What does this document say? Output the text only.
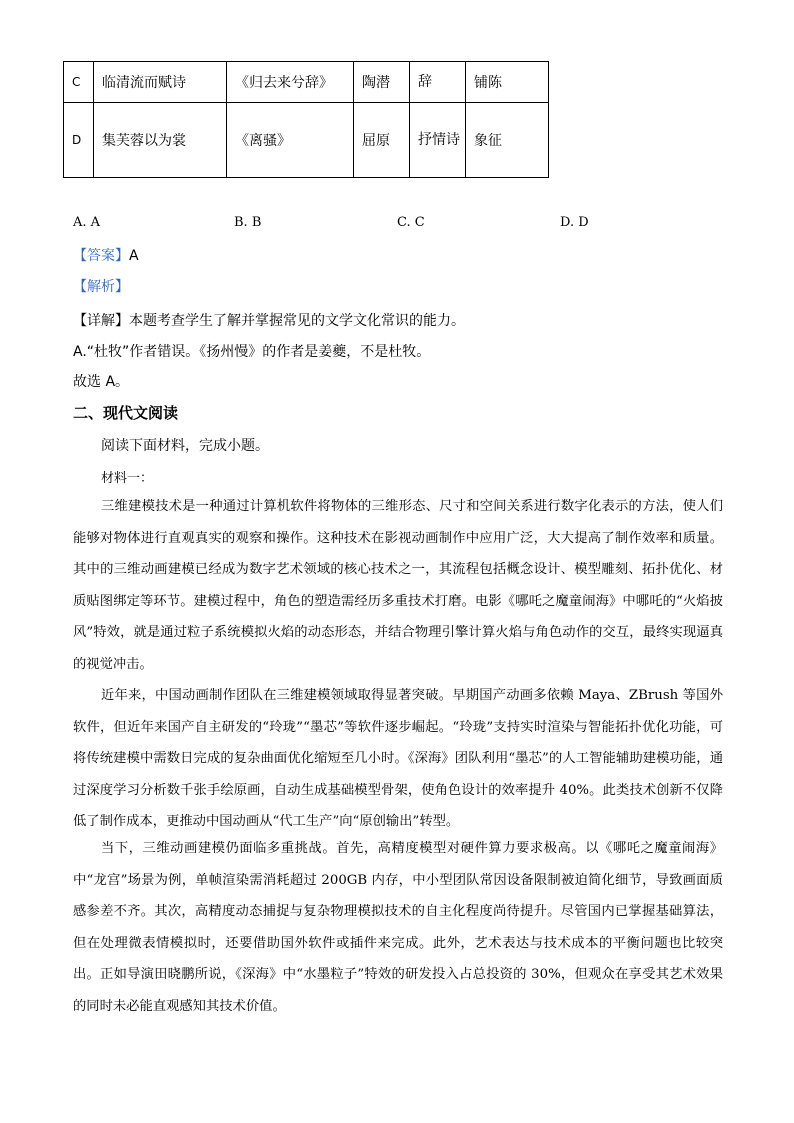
C	临清流而赋诗	《归去来兮辞》	陶潜	辞	铺陈
D	集芙蓉以为裳	《离骚》	屈原	抒情诗	象征
A. A	B. B	C. C	D. D
【答案】A
【解析】
【详解】本题考查学生了解并掌握常见的文学文化常识的能力。
A.“杜牧”作者错误。《扬州慢》的作者是姜夔，不是杜牧。
故选 A。
二、现代文阅读
阅读下面材料，完成小题。
材料一：

三维建模技术是一种通过计算机软件将物体的三维形态、尺寸和空间关系进行数字化表示的方法，使人们能够对物体进行直观真实的观察和操作。这种技术在影视动画制作中应用广泛，大大提高了制作效率和质量。其中的三维动画建模已经成为数字艺术领域的核心技术之一，其流程包括概念设计、模型雕刻、拓扑优化、材质贴图绑定等环节。建模过程中，角色的塑造需经历多重技术打磨。电影《哪吒之魔童闹海》中哪吒的“火焰披风”特效，就是通过粒子系统模拟火焰的动态形态，并结合物理引擎计算火焰与角色动作的交互，最终实现逼真的视觉冲击。

近年来，中国动画制作团队在三维建模领域取得显著突破。早期国产动画多依赖 Maya、ZBrush 等国外软件，但近年来国产自主研发的“玲珑”“墨芯”等软件逐步崛起。“玲珑”支持实时渲染与智能拓扑优化功能，可将传统建模中需数日完成的复杂曲面优化缩短至几小时。《深海》团队利用“墨芯”的人工智能辅助建模功能，通过深度学习分析数千张手绘原画，自动生成基础模型骨架，使角色设计的效率提升 40%。此类技术创新不仅降低了制作成本，更推动中国动画从“代工生产”向“原创输出”转型。

当下，三维动画建模仍面临多重挑战。首先，高精度模型对硬件算力要求极高。以《哪吒之魔童闹海》中“龙宫”场景为例，单帧渲染需消耗超过 200GB 内存，中小型团队常因设备限制被迫简化细节，导致画面质感参差不齐。其次，高精度动态捕捉与复杂物理模拟技术的自主化程度尚待提升。尽管国内已掌握基础算法，但在处理微表情模拟时，还要借助国外软件或插件来完成。此外，艺术表达与技术成本的平衡问题也比较突出。正如导演田晓鹏所说，《深海》中“水墨粒子”特效的研发投入占总投资的 30%，但观众在享受其艺术效果的同时未必能直观感知其技术价值。
